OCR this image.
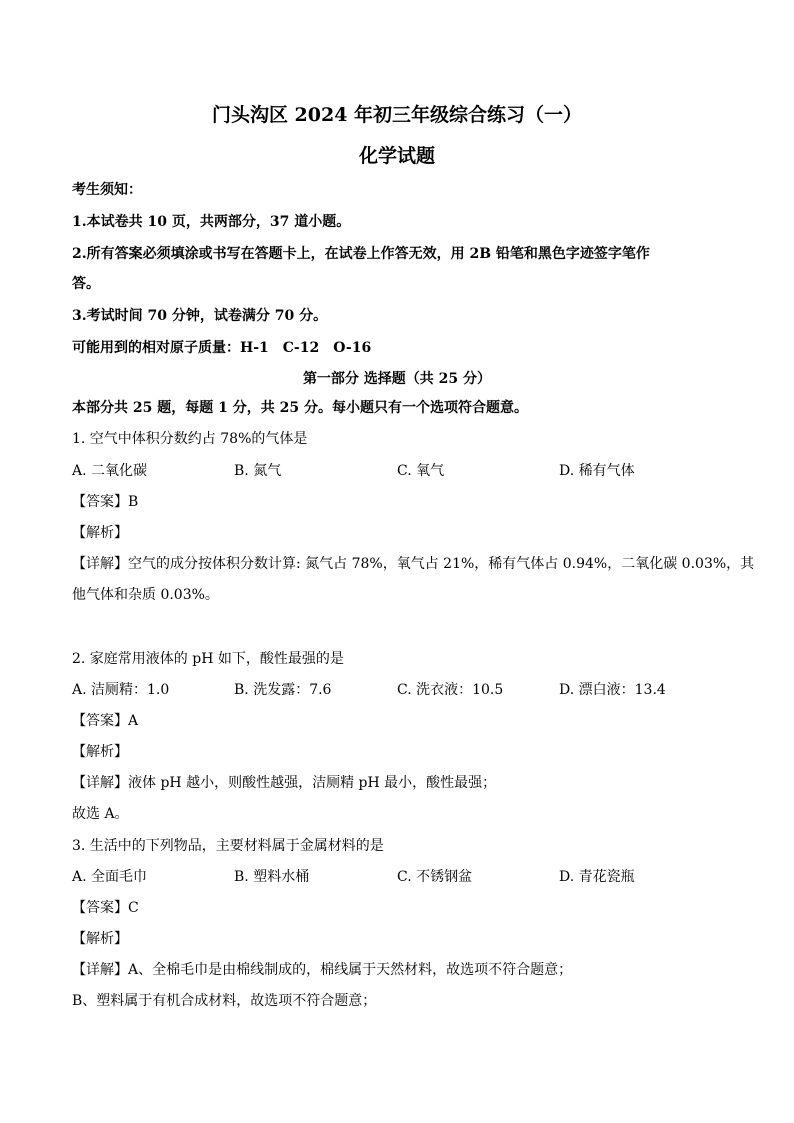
门头沟区 2024 年初三年级综合练习（一）
化学试题
考生须知：
1.本试卷共 10 页，共两部分，37 道小题。
2.所有答案必须填涂或书写在答题卡上，在试卷上作答无效，用 2B 铅笔和黑色字迹签字笔作
答。
3.考试时间 70 分钟，试卷满分 70 分。
可能用到的相对原子质量：H-1　C-12　O-16
第一部分 选择题（共 25 分）
本部分共 25 题，每题 1 分，共 25 分。每小题只有一个选项符合题意。
1. 空气中体积分数约占 78%的气体是
A. 二氧化碳	B. 氮气	C. 氧气	D. 稀有气体
【答案】B
【解析】
【详解】空气的成分按体积分数计算: 氮气占 78%，氧气占 21%，稀有气体占 0.94%，二氧化碳 0.03%，其
他气体和杂质 0.03%。
2. 家庭常用液体的 pH 如下，酸性最强的是
A. 洁厕精：1.0	B. 洗发露：7.6	C. 洗衣液：10.5	D. 漂白液：13.4
【答案】A
【解析】
【详解】液体 pH 越小，则酸性越强，洁厕精 pH 最小，酸性最强；
故选 A。
3. 生活中的下列物品，主要材料属于金属材料的是
A. 全面毛巾	B. 塑料水桶	C. 不锈钢盆	D. 青花瓷瓶
【答案】C
【解析】
【详解】A、全棉毛巾是由棉线制成的，棉线属于天然材料，故选项不符合题意；
B、塑料属于有机合成材料，故选项不符合题意；
